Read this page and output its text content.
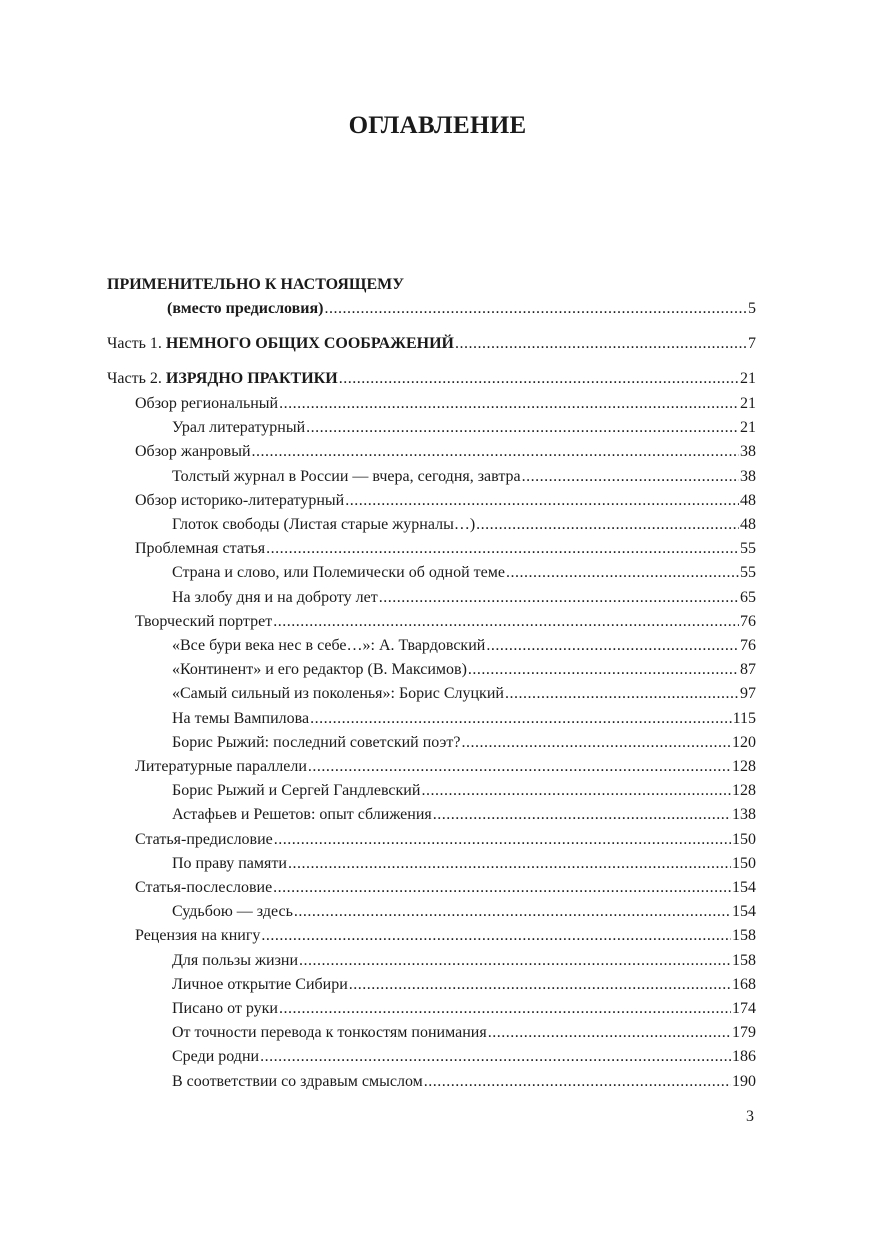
ОГЛАВЛЕНИЕ
ПРИМЕНИТЕЛЬНО К НАСТОЯЩЕМУ
(вместо предисловия) .....	5
Часть 1. НЕМНОГО ОБЩИХ СООБРАЖЕНИЙ .....	7
Часть 2. ИЗРЯДНО ПРАКТИКИ .....	21
Обзор региональный .....	21
Урал литературный .....	21
Обзор жанровый .....	38
Толстый журнал в России — вчера, сегодня, завтра .....	38
Обзор историко-литературный .....	48
Глоток свободы (Листая старые журналы…) .....	48
Проблемная статья .....	55
Страна и слово, или Полемически об одной теме .....	55
На злобу дня и на доброту лет .....	65
Творческий портрет .....	76
«Все бури века нес в себе…»: А. Твардовский .....	76
«Континент» и его редактор (В. Максимов) .....	87
«Самый сильный из поколенья»: Борис Слуцкий .....	97
На темы Вампилова .....	115
Борис Рыжий: последний советский поэт? .....	120
Литературные параллели .....	128
Борис Рыжий и Сергей Гандлевский .....	128
Астафьев и Решетов: опыт сближения .....	138
Статья-предисловие .....	150
По праву памяти .....	150
Статья-послесловие .....	154
Судьбою — здесь .....	154
Рецензия на книгу .....	158
Для пользы жизни .....	158
Личное открытие Сибири .....	168
Писано от руки .....	174
От точности перевода к тонкостям понимания .....	179
Среди родни .....	186
В соответствии со здравым смыслом .....	190
3
